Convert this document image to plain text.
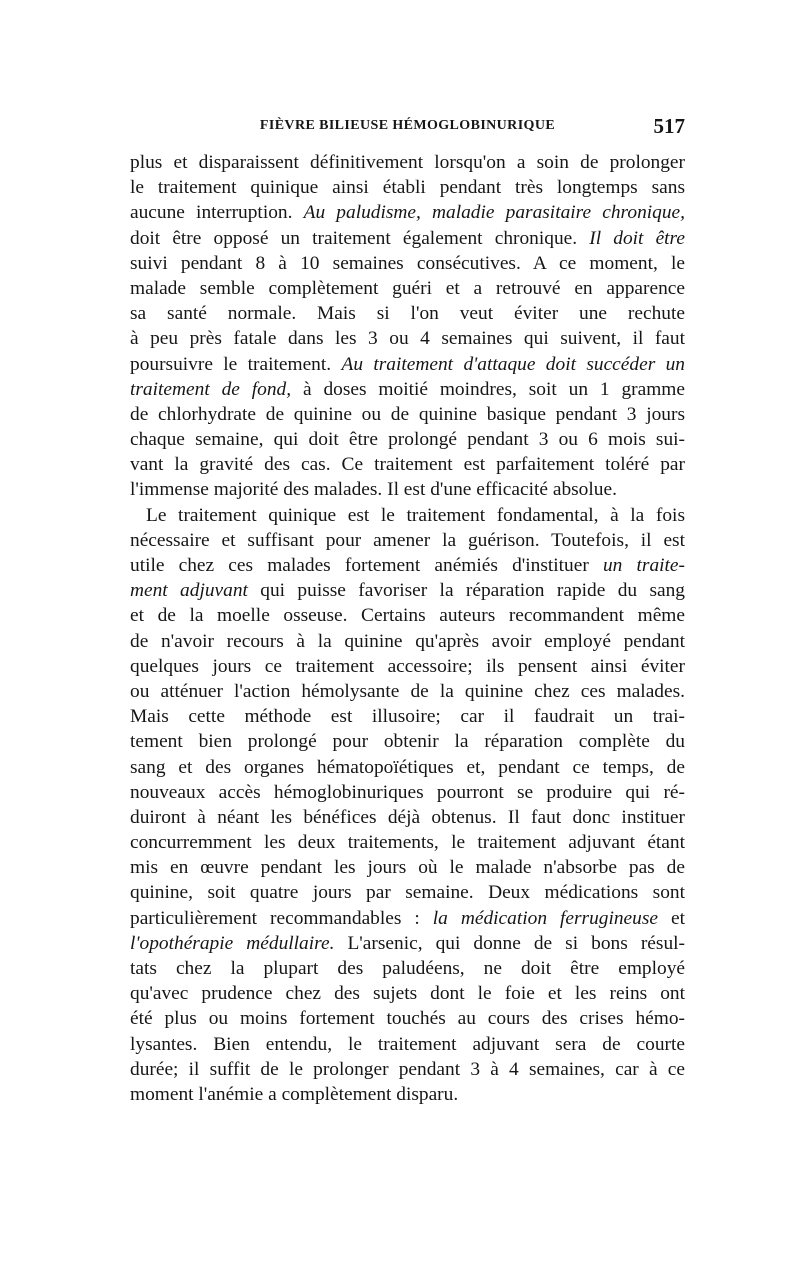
FIÈVRE BILIEUSE HÉMOGLOBINURIQUE	517
plus et disparaissent définitivement lorsqu'on a soin de prolonger
le traitement quinique ainsi établi pendant très longtemps sans
aucune interruption. Au paludisme, maladie parasitaire chronique,
doit être opposé un traitement également chronique. Il doit être
suivi pendant 8 à 10 semaines consécutives. A ce moment, le
malade semble complètement guéri et a retrouvé en apparence
sa santé normale. Mais si l'on veut éviter une rechute
à peu près fatale dans les 3 ou 4 semaines qui suivent, il faut
poursuivre le traitement. Au traitement d'attaque doit succéder un
traitement de fond, à doses moitié moindres, soit un 1 gramme
de chlorhydrate de quinine ou de quinine basique pendant 3 jours
chaque semaine, qui doit être prolongé pendant 3 ou 6 mois sui-
vant la gravité des cas. Ce traitement est parfaitement toléré par
l'immense majorité des malades. Il est d'une efficacité absolue.
Le traitement quinique est le traitement fondamental, à la fois
nécessaire et suffisant pour amener la guérison. Toutefois, il est
utile chez ces malades fortement anémiés d'instituer un traite-
ment adjuvant qui puisse favoriser la réparation rapide du sang
et de la moelle osseuse. Certains auteurs recommandent même
de n'avoir recours à la quinine qu'après avoir employé pendant
quelques jours ce traitement accessoire; ils pensent ainsi éviter
ou atténuer l'action hémolysante de la quinine chez ces malades.
Mais cette méthode est illusoire; car il faudrait un trai-
tement bien prolongé pour obtenir la réparation complète du
sang et des organes hématopoïétiques et, pendant ce temps, de
nouveaux accès hémoglobinuriques pourront se produire qui ré-
duiront à néant les bénéfices déjà obtenus. Il faut donc instituer
concurremment les deux traitements, le traitement adjuvant étant
mis en œuvre pendant les jours où le malade n'absorbe pas de
quinine, soit quatre jours par semaine. Deux médications sont
particulièrement recommandables : la médication ferrugineuse et
l'opothérapie médullaire. L'arsenic, qui donne de si bons résul-
tats chez la plupart des paludéens, ne doit être employé
qu'avec prudence chez des sujets dont le foie et les reins ont
été plus ou moins fortement touchés au cours des crises hémo-
lysantes. Bien entendu, le traitement adjuvant sera de courte
durée; il suffit de le prolonger pendant 3 à 4 semaines, car à ce
moment l'anémie a complètement disparu.
